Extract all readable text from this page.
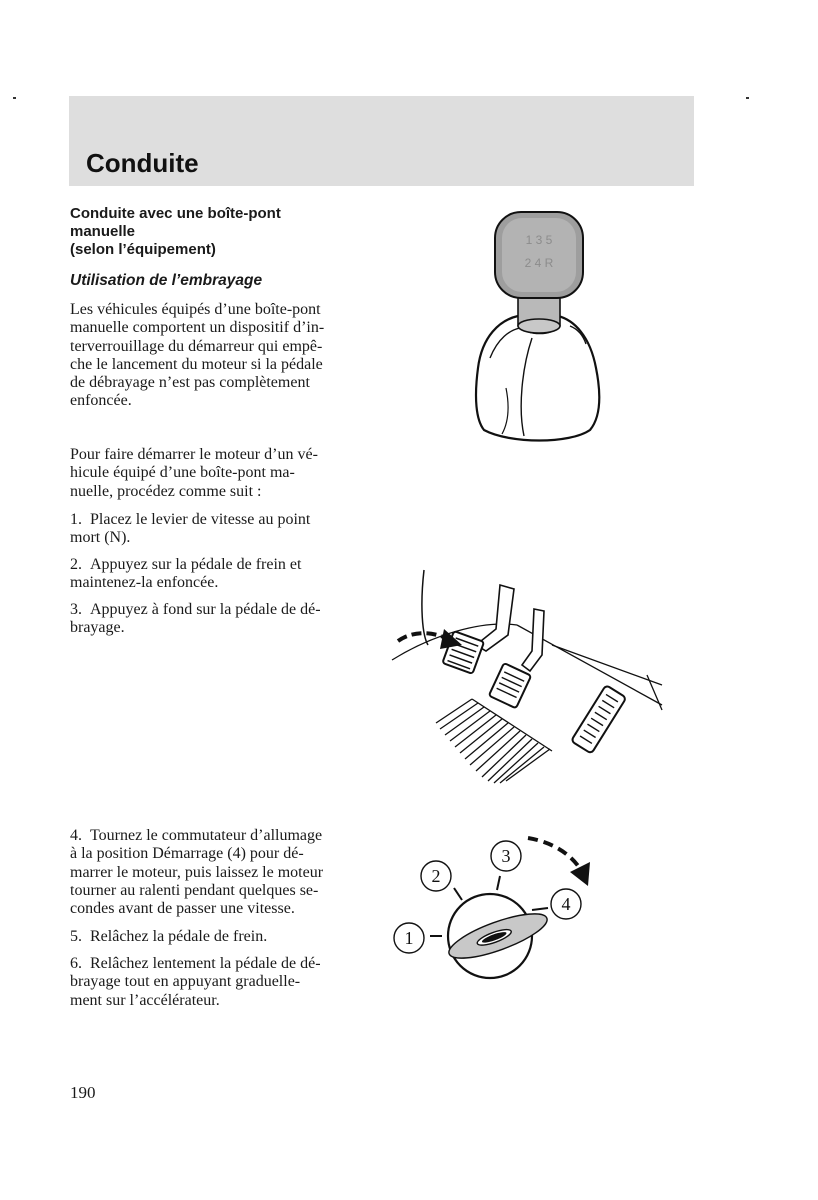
Conduite
Conduite avec une boîte-pont
manuelle
(selon l’équipement)
Utilisation de l’embrayage

Les véhicules équipés d’une boîte-pont
manuelle comportent un dispositif d’in-
terverrouillage du démarreur qui empê-
che le lancement du moteur si la pédale
de débrayage n’est pas complètement
enfoncée.

Pour faire démarrer le moteur d’un vé-
hicule équipé d’une boîte-pont ma-
nuelle, procédez comme suit :

1. Placez le levier de vitesse au point
mort (N).

2. Appuyez sur la pédale de frein et
maintenez-la enfoncée.

3. Appuyez à fond sur la pédale de dé-
brayage.

4. Tournez le commutateur d’allumage
à la position Démarrage (4) pour dé-
marrer le moteur, puis laissez le moteur
tourner au ralenti pendant quelques se-
condes avant de passer une vitesse.

5. Relâchez la pédale de frein.

6. Relâchez lentement la pédale de dé-
brayage tout en appuyant graduelle-
ment sur l’accélérateur.

190
1 3 5
2 4 R
1
2
3
4
